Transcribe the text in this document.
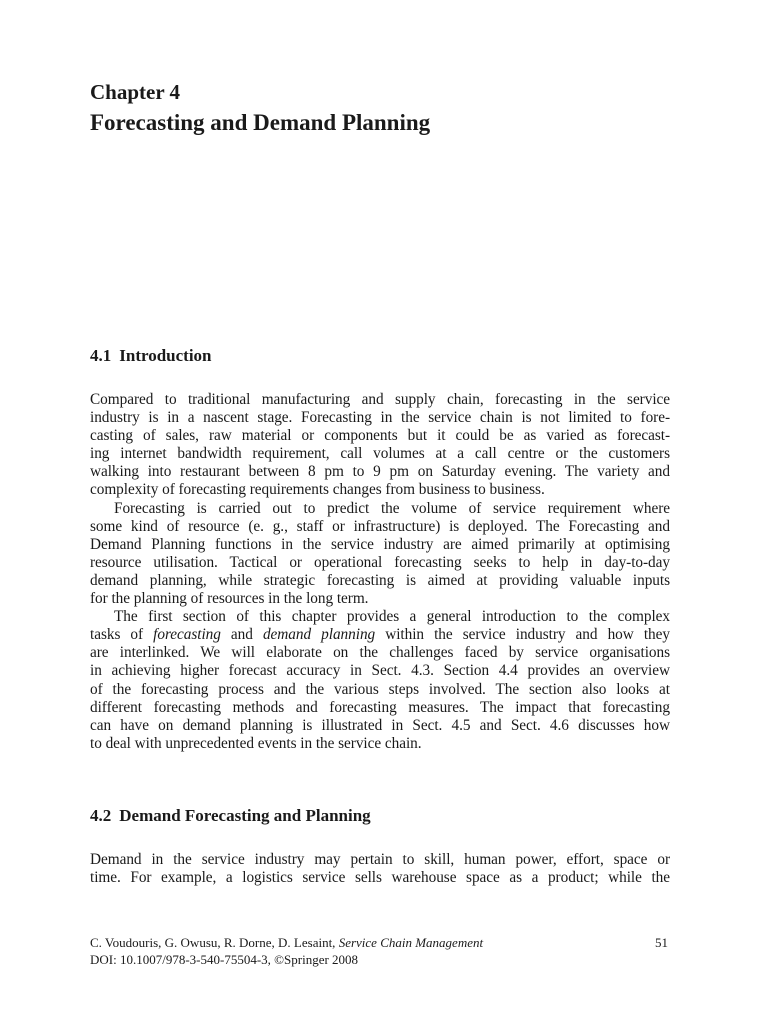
Chapter 4
Forecasting and Demand Planning
4.1 Introduction
Compared to traditional manufacturing and supply chain, forecasting in the service
industry is in a nascent stage. Forecasting in the service chain is not limited to fore-
casting of sales, raw material or components but it could be as varied as forecast-
ing internet bandwidth requirement, call volumes at a call centre or the customers
walking into restaurant between 8 pm to 9 pm on Saturday evening. The variety and
complexity of forecasting requirements changes from business to business.
Forecasting is carried out to predict the volume of service requirement where
some kind of resource (e. g., staff or infrastructure) is deployed. The Forecasting and
Demand Planning functions in the service industry are aimed primarily at optimising
resource utilisation. Tactical or operational forecasting seeks to help in day-to-day
demand planning, while strategic forecasting is aimed at providing valuable inputs
for the planning of resources in the long term.
The first section of this chapter provides a general introduction to the complex
tasks of forecasting and demand planning within the service industry and how they
are interlinked. We will elaborate on the challenges faced by service organisations
in achieving higher forecast accuracy in Sect. 4.3. Section 4.4 provides an overview
of the forecasting process and the various steps involved. The section also looks at
different forecasting methods and forecasting measures. The impact that forecasting
can have on demand planning is illustrated in Sect. 4.5 and Sect. 4.6 discusses how
to deal with unprecedented events in the service chain.
4.2 Demand Forecasting and Planning
Demand in the service industry may pertain to skill, human power, effort, space or
time. For example, a logistics service sells warehouse space as a product; while the
C. Voudouris, G. Owusu, R. Dorne, D. Lesaint, Service Chain Management
DOI: 10.1007/978-3-540-75504-3, ©Springer 2008
51
